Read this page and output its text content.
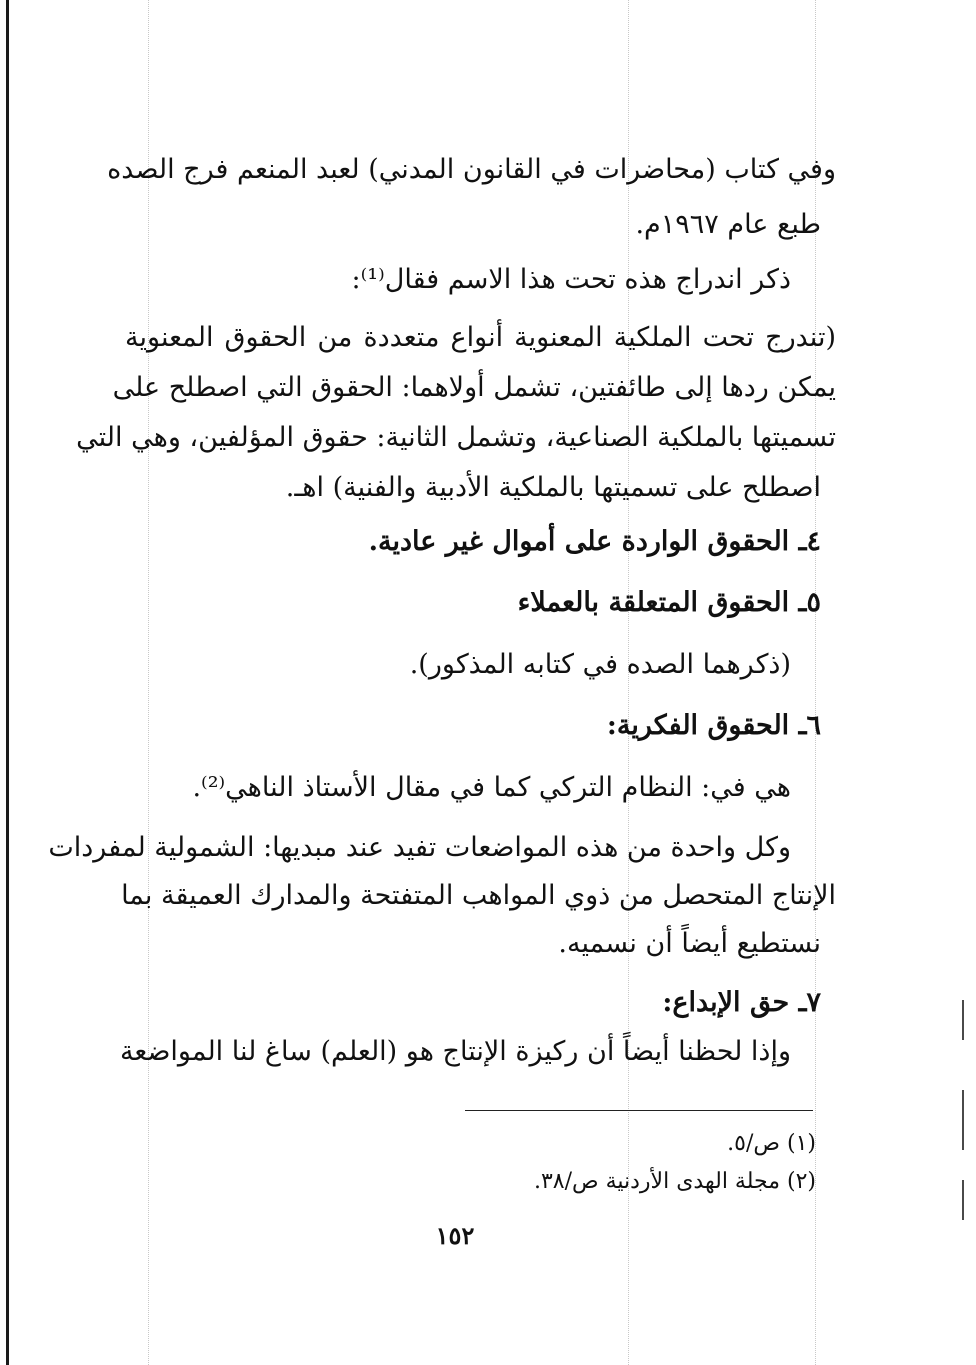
وفي كتاب (محاضرات في القانون المدني) لعبد المنعم فرج الصده
طبع عام ١٩٦٧م.
ذكر اندراج هذه تحت هذا الاسم فقال⁽¹⁾:
(تندرج تحت الملكية المعنوية أنواع متعددة من الحقوق المعنوية
يمكن ردها إلى طائفتين، تشمل أولاهما: الحقوق التي اصطلح على
تسميتها بالملكية الصناعية، وتشمل الثانية: حقوق المؤلفين، وهي التي
اصطلح على تسميتها بالملكية الأدبية والفنية) اهـ.
٤ـ الحقوق الواردة على أموال غير عادية.
٥ـ الحقوق المتعلقة بالعملاء
(ذكرهما الصده في كتابه المذكور).
٦ـ الحقوق الفكرية:
هي في: النظام التركي كما في مقال الأستاذ الناهي⁽²⁾.
وكل واحدة من هذه المواضعات تفيد عند مبديها: الشمولية لمفردات
الإنتاج المتحصل من ذوي المواهب المتفتحة والمدارك العميقة بما
نستطيع أيضاً أن نسميه.
٧ـ حق الإبداع:
وإذا لحظنا أيضاً أن ركيزة الإنتاج هو (العلم) ساغ لنا المواضعة
(١) ص/٥.
(٢) مجلة الهدى الأردنية ص/٣٨.
١٥٢
